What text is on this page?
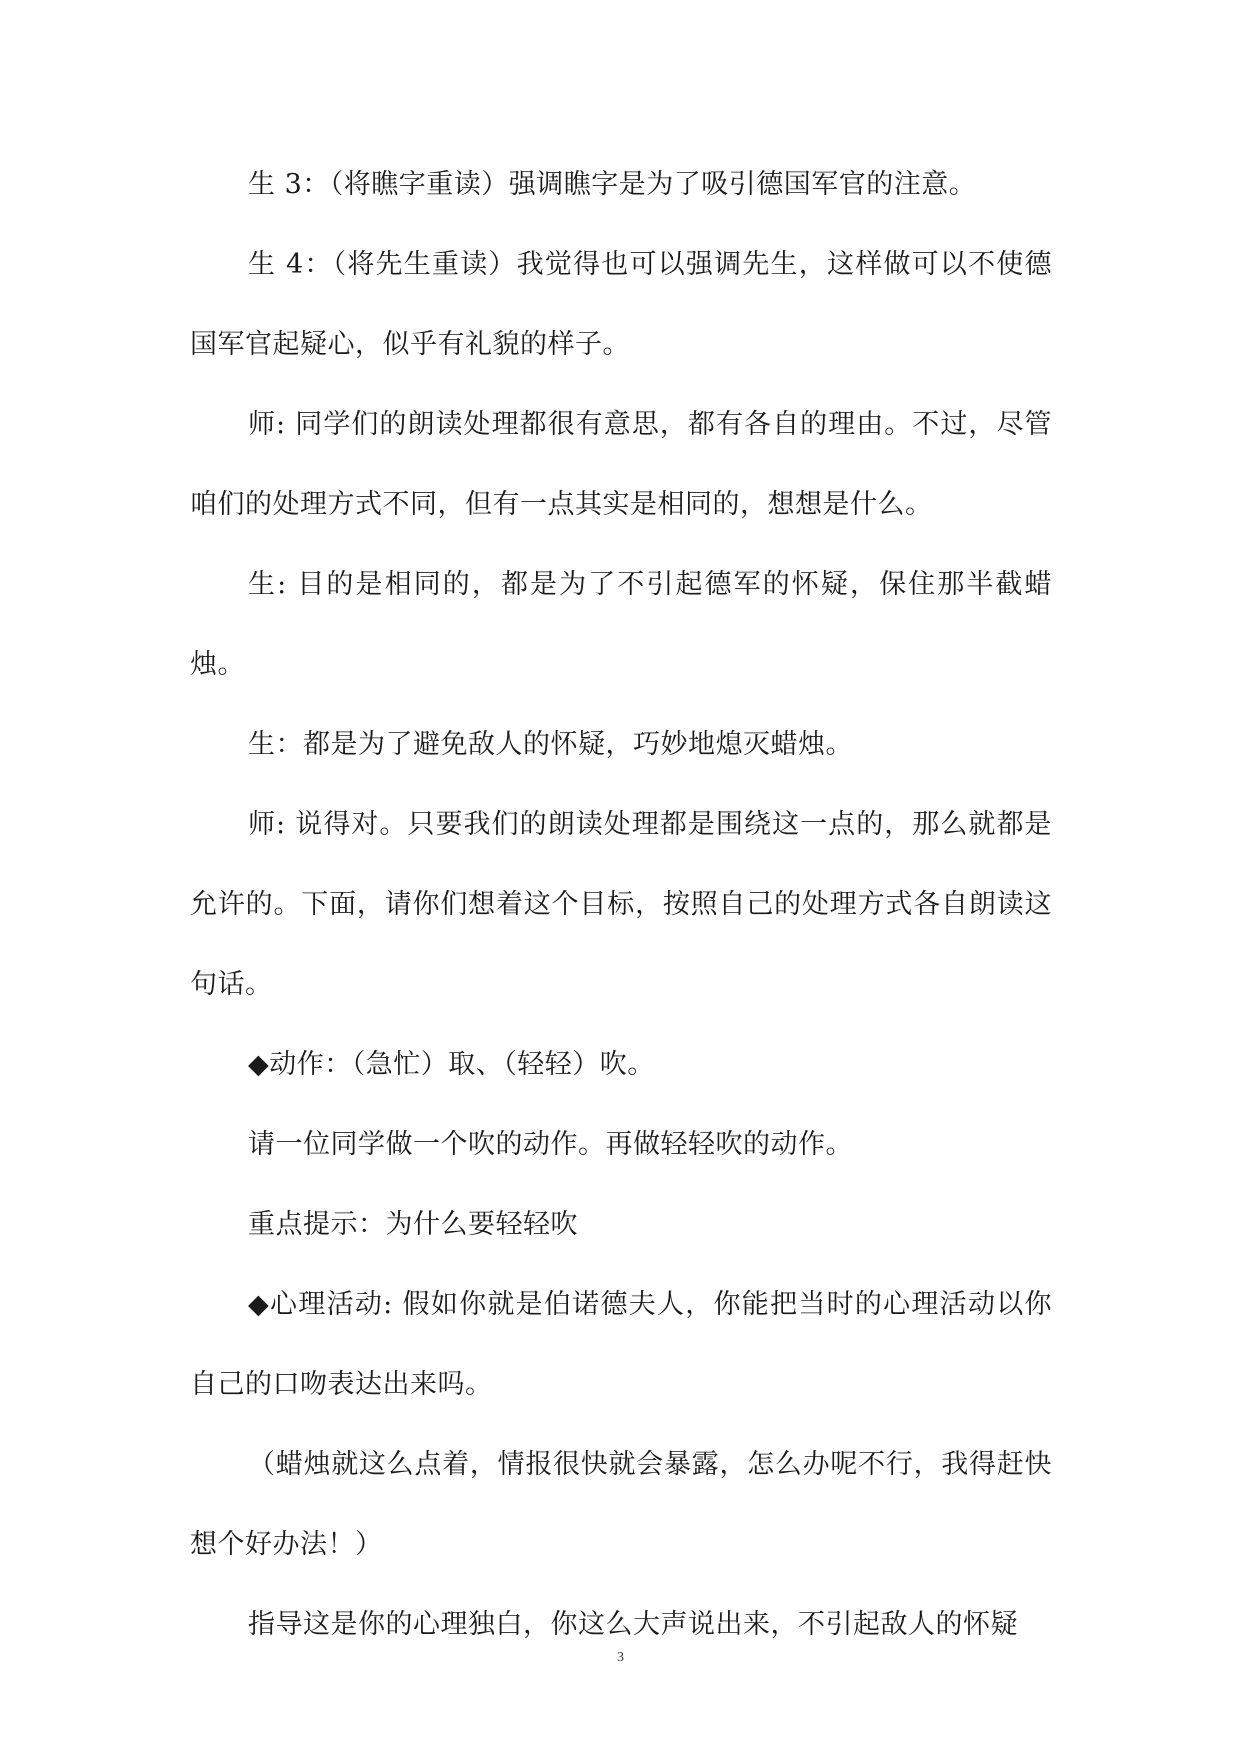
生 3：（将瞧字重读）强调瞧字是为了吸引德国军官的注意。

生 4：（将先生重读）我觉得也可以强调先生，这样做可以不使德国军官起疑心，似乎有礼貌的样子。

师: 同学们的朗读处理都很有意思，都有各自的理由。不过，尽管咱们的处理方式不同，但有一点其实是相同的，想想是什么。

生: 目的是相同的，都是为了不引起德军的怀疑，保住那半截蜡烛。

生：都是为了避免敌人的怀疑，巧妙地熄灭蜡烛。

师: 说得对。只要我们的朗读处理都是围绕这一点的，那么就都是允许的。下面，请你们想着这个目标，按照自己的处理方式各自朗读这句话。

◆动作：（急忙）取、（轻轻）吹。

请一位同学做一个吹的动作。再做轻轻吹的动作。

重点提示：为什么要轻轻吹

◆心理活动: 假如你就是伯诺德夫人，你能把当时的心理活动以你自己的口吻表达出来吗。

（蜡烛就这么点着，情报很快就会暴露，怎么办呢不行，我得赶快想个好办法！）

指导这是你的心理独白，你这么大声说出来，不引起敌人的怀疑

3
